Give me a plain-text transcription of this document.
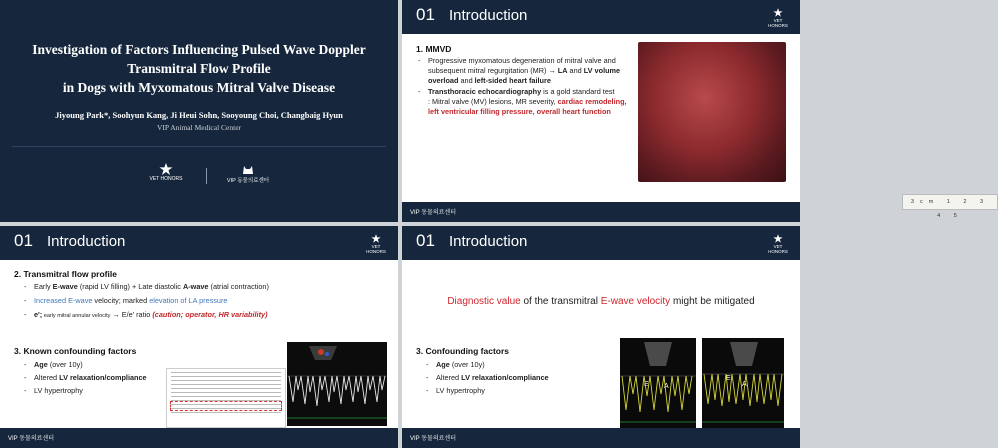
Investigation of Factors Influencing Pulsed Wave Doppler
Transmitral Flow Profile
in Dogs with Myxomatous Mitral Valve Disease
Jiyoung Park*, Soohyun Kang, Ji Heui Sohn, Sooyoung Choi, Changbaig Hyun
VIP Animal Medical Center
VET HONORS	VIP 동물의료센터
01 Introduction	VET HONORS
1. MMVD
- Progressive myxomatous degeneration of mitral valve and subsequent mitral regurgitation (MR) → LA and LV volume overload and left-sided heart failure
- Transthoracic echocardiography is a gold standard test
: Mitral valve (MV) lesions, MR severity, cardiac remodeling, left ventricular filling pressure, overall heart function
3cm 1 2 3 4 5
VIP 동물의료센터
01 Introduction	VET HONORS
2. Transmitral flow profile
- Early E-wave (rapid LV filling) + Late diastolic A-wave (atrial contraction)
- Increased E-wave velocity; marked elevation of LA pressure
- e'; early mitral annular velocity → E/e' ratio (caution; operator, HR variability)
3. Known confounding factors
- Age (over 10y)
- Altered LV relaxation/compliance
- LV hypertrophy
VIP 동물의료센터
01 Introduction	VET HONORS
Diagnostic value of the transmitral E-wave velocity might be mitigated
3. Confounding factors
- Age (over 10y)
- Altered LV relaxation/compliance
- LV hypertrophy
E A
E
A
VIP 동물의료센터
